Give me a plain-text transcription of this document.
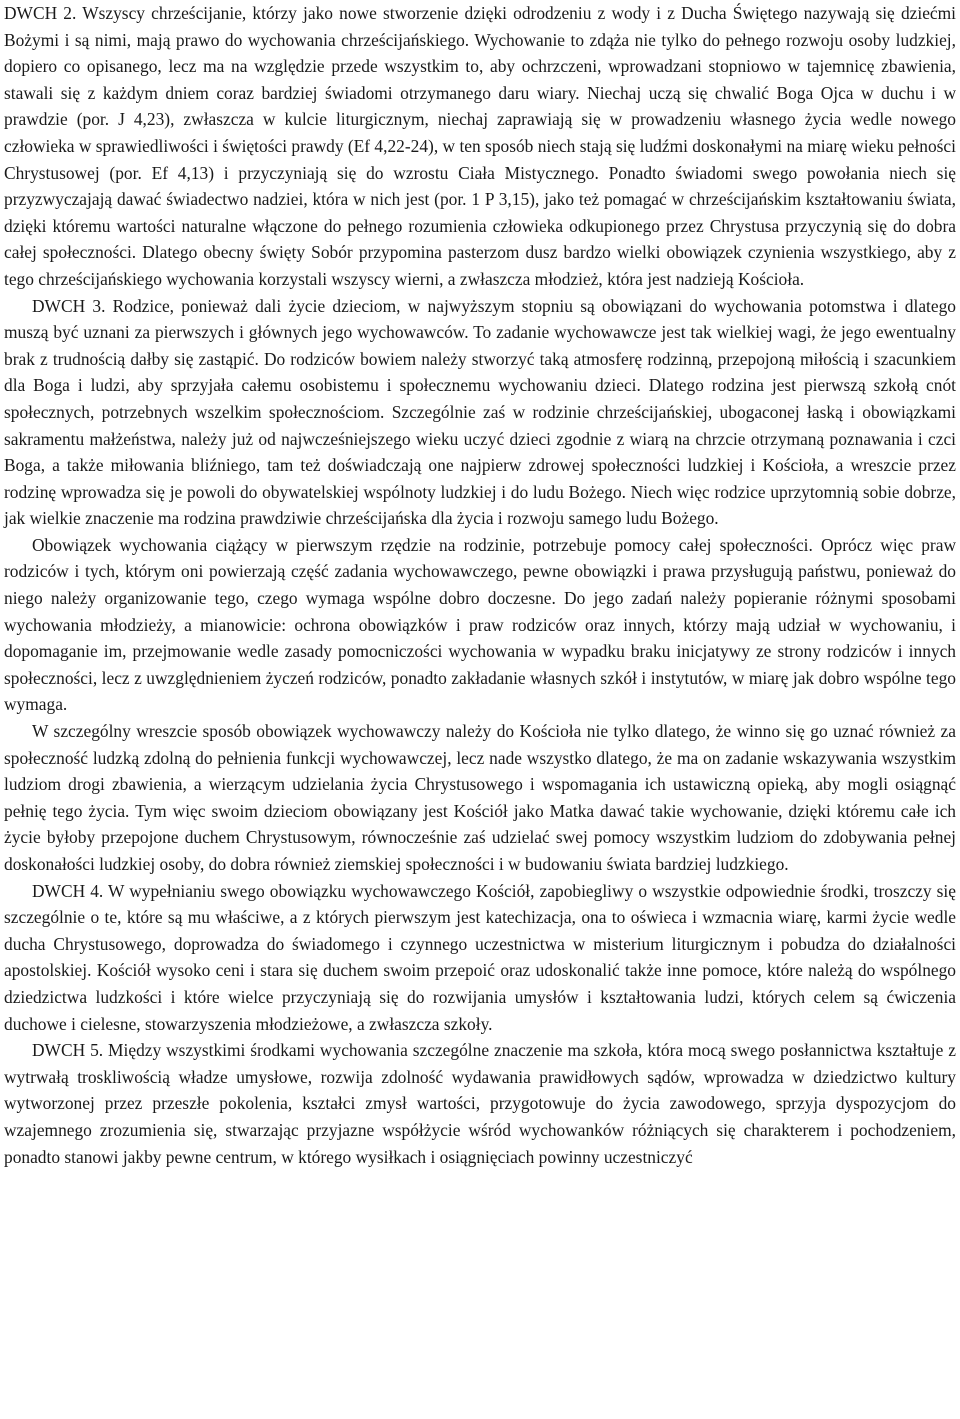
DWCH 2. Wszyscy chrześcijanie, którzy jako nowe stworzenie dzięki odrodzeniu z wody i z Ducha Świętego nazywają się dziećmi Bożymi i są nimi, mają prawo do wychowania chrześcijańskiego. Wychowanie to zdąża nie tylko do pełnego rozwoju osoby ludzkiej, dopiero co opisanego, lecz ma na względzie przede wszystkim to, aby ochrzczeni, wprowadzani stopniowo w tajemnicę zbawienia, stawali się z każdym dniem coraz bardziej świadomi otrzymanego daru wiary. Niechaj uczą się chwalić Boga Ojca w duchu i w prawdzie (por. J 4,23), zwłaszcza w kulcie liturgicznym, niechaj zaprawiają się w prowadzeniu własnego życia wedle nowego człowieka w sprawiedliwości i świętości prawdy (Ef 4,22-24), w ten sposób niech stają się ludźmi doskonałymi na miarę wieku pełności Chrystusowej (por. Ef 4,13) i przyczyniają się do wzrostu Ciała Mistycznego. Ponadto świadomi swego powołania niech się przyzwyczajają dawać świadectwo nadziei, która w nich jest (por. 1 P 3,15), jako też pomagać w chrześcijańskim kształtowaniu świata, dzięki któremu wartości naturalne włączone do pełnego rozumienia człowieka odkupionego przez Chrystusa przyczynią się do dobra całej społeczności. Dlatego obecny święty Sobór przypomina pasterzom dusz bardzo wielki obowiązek czynienia wszystkiego, aby z tego chrześcijańskiego wychowania korzystali wszyscy wierni, a zwłaszcza młodzież, która jest nadzieją Kościoła.

DWCH 3. Rodzice, ponieważ dali życie dzieciom, w najwyższym stopniu są obowiązani do wychowania potomstwa i dlatego muszą być uznani za pierwszych i głównych jego wychowawców. To zadanie wychowawcze jest tak wielkiej wagi, że jego ewentualny brak z trudnością dałby się zastąpić. Do rodziców bowiem należy stworzyć taką atmosferę rodzinną, przepojoną miłością i szacunkiem dla Boga i ludzi, aby sprzyjała całemu osobistemu i społecznemu wychowaniu dzieci. Dlatego rodzina jest pierwszą szkołą cnót społecznych, potrzebnych wszelkim społecznościom. Szczególnie zaś w rodzinie chrześcijańskiej, ubogaconej łaską i obowiązkami sakramentu małżeństwa, należy już od najwcześniejszego wieku uczyć dzieci zgodnie z wiarą na chrzcie otrzymaną poznawania i czci Boga, a także miłowania bliźniego, tam też doświadczają one najpierw zdrowej społeczności ludzkiej i Kościoła, a wreszcie przez rodzinę wprowadza się je powoli do obywatelskiej wspólnoty ludzkiej i do ludu Bożego. Niech więc rodzice uprzytomnią sobie dobrze, jak wielkie znaczenie ma rodzina prawdziwie chrześcijańska dla życia i rozwoju samego ludu Bożego.

Obowiązek wychowania ciążący w pierwszym rzędzie na rodzinie, potrzebuje pomocy całej społeczności. Oprócz więc praw rodziców i tych, którym oni powierzają część zadania wychowawczego, pewne obowiązki i prawa przysługują państwu, ponieważ do niego należy organizowanie tego, czego wymaga wspólne dobro doczesne. Do jego zadań należy popieranie różnymi sposobami wychowania młodzieży, a mianowicie: ochrona obowiązków i praw rodziców oraz innych, którzy mają udział w wychowaniu, i dopomaganie im, przejmowanie wedle zasady pomocniczości wychowania w wypadku braku inicjatywy ze strony rodziców i innych społeczności, lecz z uwzględnieniem życzeń rodziców, ponadto zakładanie własnych szkół i instytutów, w miarę jak dobro wspólne tego wymaga.

W szczególny wreszcie sposób obowiązek wychowawczy należy do Kościoła nie tylko dlatego, że winno się go uznać również za społeczność ludzką zdolną do pełnienia funkcji wychowawczej, lecz nade wszystko dlatego, że ma on zadanie wskazywania wszystkim ludziom drogi zbawienia, a wierzącym udzielania życia Chrystusowego i wspomagania ich ustawiczną opieką, aby mogli osiągnąć pełnię tego życia. Tym więc swoim dzieciom obowiązany jest Kościół jako Matka dawać takie wychowanie, dzięki któremu całe ich życie byłoby przepojone duchem Chrystusowym, równocześnie zaś udzielać swej pomocy wszystkim ludziom do zdobywania pełnej doskonałości ludzkiej osoby, do dobra również ziemskiej społeczności i w budowaniu świata bardziej ludzkiego.

DWCH 4. W wypełnianiu swego obowiązku wychowawczego Kościół, zapobiegliwy o wszystkie odpowiednie środki, troszczy się szczególnie o te, które są mu właściwe, a z których pierwszym jest katechizacja, ona to oświeca i wzmacnia wiarę, karmi życie wedle ducha Chrystusowego, doprowadza do świadomego i czynnego uczestnictwa w misterium liturgicznym i pobudza do działalności apostolskiej. Kościół wysoko ceni i stara się duchem swoim przepoić oraz udoskonalić także inne pomoce, które należą do wspólnego dziedzictwa ludzkości i które wielce przyczyniają się do rozwijania umysłów i kształtowania ludzi, których celem są ćwiczenia duchowe i cielesne, stowarzyszenia młodzieżowe, a zwłaszcza szkoły.

DWCH 5. Między wszystkimi środkami wychowania szczególne znaczenie ma szkoła, która mocą swego posłannictwa kształtuje z wytrwałą troskliwością władze umysłowe, rozwija zdolność wydawania prawidłowych sądów, wprowadza w dziedzictwo kultury wytworzonej przez przeszłe pokolenia, kształci zmysł wartości, przygotowuje do życia zawodowego, sprzyja dyspozycjom do wzajemnego zrozumienia się, stwarzając przyjazne współżycie wśród wychowanków różniących się charakterem i pochodzeniem, ponadto stanowi jakby pewne centrum, w którego wysiłkach i osiągnięciach powinny uczestniczyć
